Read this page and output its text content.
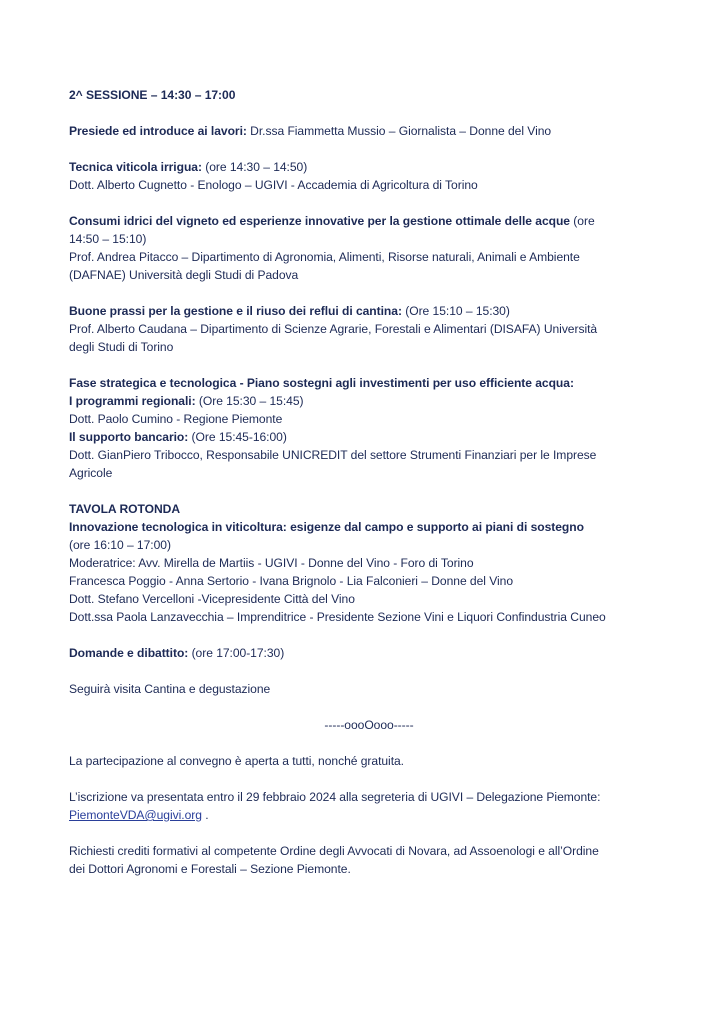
2^ SESSIONE – 14:30 – 17:00

Presiede ed introduce ai lavori: Dr.ssa Fiammetta Mussio – Giornalista – Donne del Vino

Tecnica viticola irrigua: (ore 14:30 – 14:50)
Dott. Alberto Cugnetto - Enologo – UGIVI - Accademia di Agricoltura di Torino

Consumi idrici del vigneto ed esperienze innovative per la gestione ottimale delle acque (ore
14:50 – 15:10)
Prof. Andrea Pitacco – Dipartimento di Agronomia, Alimenti, Risorse naturali, Animali e Ambiente
(DAFNAE) Università degli Studi di Padova

Buone prassi per la gestione e il riuso dei reflui di cantina: (Ore 15:10 – 15:30)
Prof. Alberto Caudana – Dipartimento di Scienze Agrarie, Forestali e Alimentari (DISAFA) Università
degli Studi di Torino

Fase strategica e tecnologica - Piano sostegni agli investimenti per uso efficiente acqua:
I programmi regionali: (Ore 15:30 – 15:45)
Dott. Paolo Cumino - Regione Piemonte
Il supporto bancario: (Ore 15:45-16:00)
Dott. GianPiero Tribocco, Responsabile UNICREDIT del settore Strumenti Finanziari per le Imprese
Agricole

TAVOLA ROTONDA
Innovazione tecnologica in viticoltura: esigenze dal campo e supporto ai piani di sostegno
(ore 16:10 – 17:00)
Moderatrice: Avv. Mirella de Martiis - UGIVI - Donne del Vino - Foro di Torino
Francesca Poggio - Anna Sertorio - Ivana Brignolo - Lia Falconieri – Donne del Vino
Dott. Stefano Vercelloni -Vicepresidente Città del Vino
Dott.ssa Paola Lanzavecchia – Imprenditrice - Presidente Sezione Vini e Liquori Confindustria Cuneo

Domande e dibattito: (ore 17:00-17:30)

Seguirà visita Cantina e degustazione

-----oooOooo-----

La partecipazione al convegno è aperta a tutti, nonché gratuita.

L’iscrizione va presentata entro il 29 febbraio 2024 alla segreteria di UGIVI – Delegazione Piemonte:
PiemonteVDA@ugivi.org .

Richiesti crediti formativi al competente Ordine degli Avvocati di Novara, ad Assoenologi e all’Ordine
dei Dottori Agronomi e Forestali – Sezione Piemonte.
